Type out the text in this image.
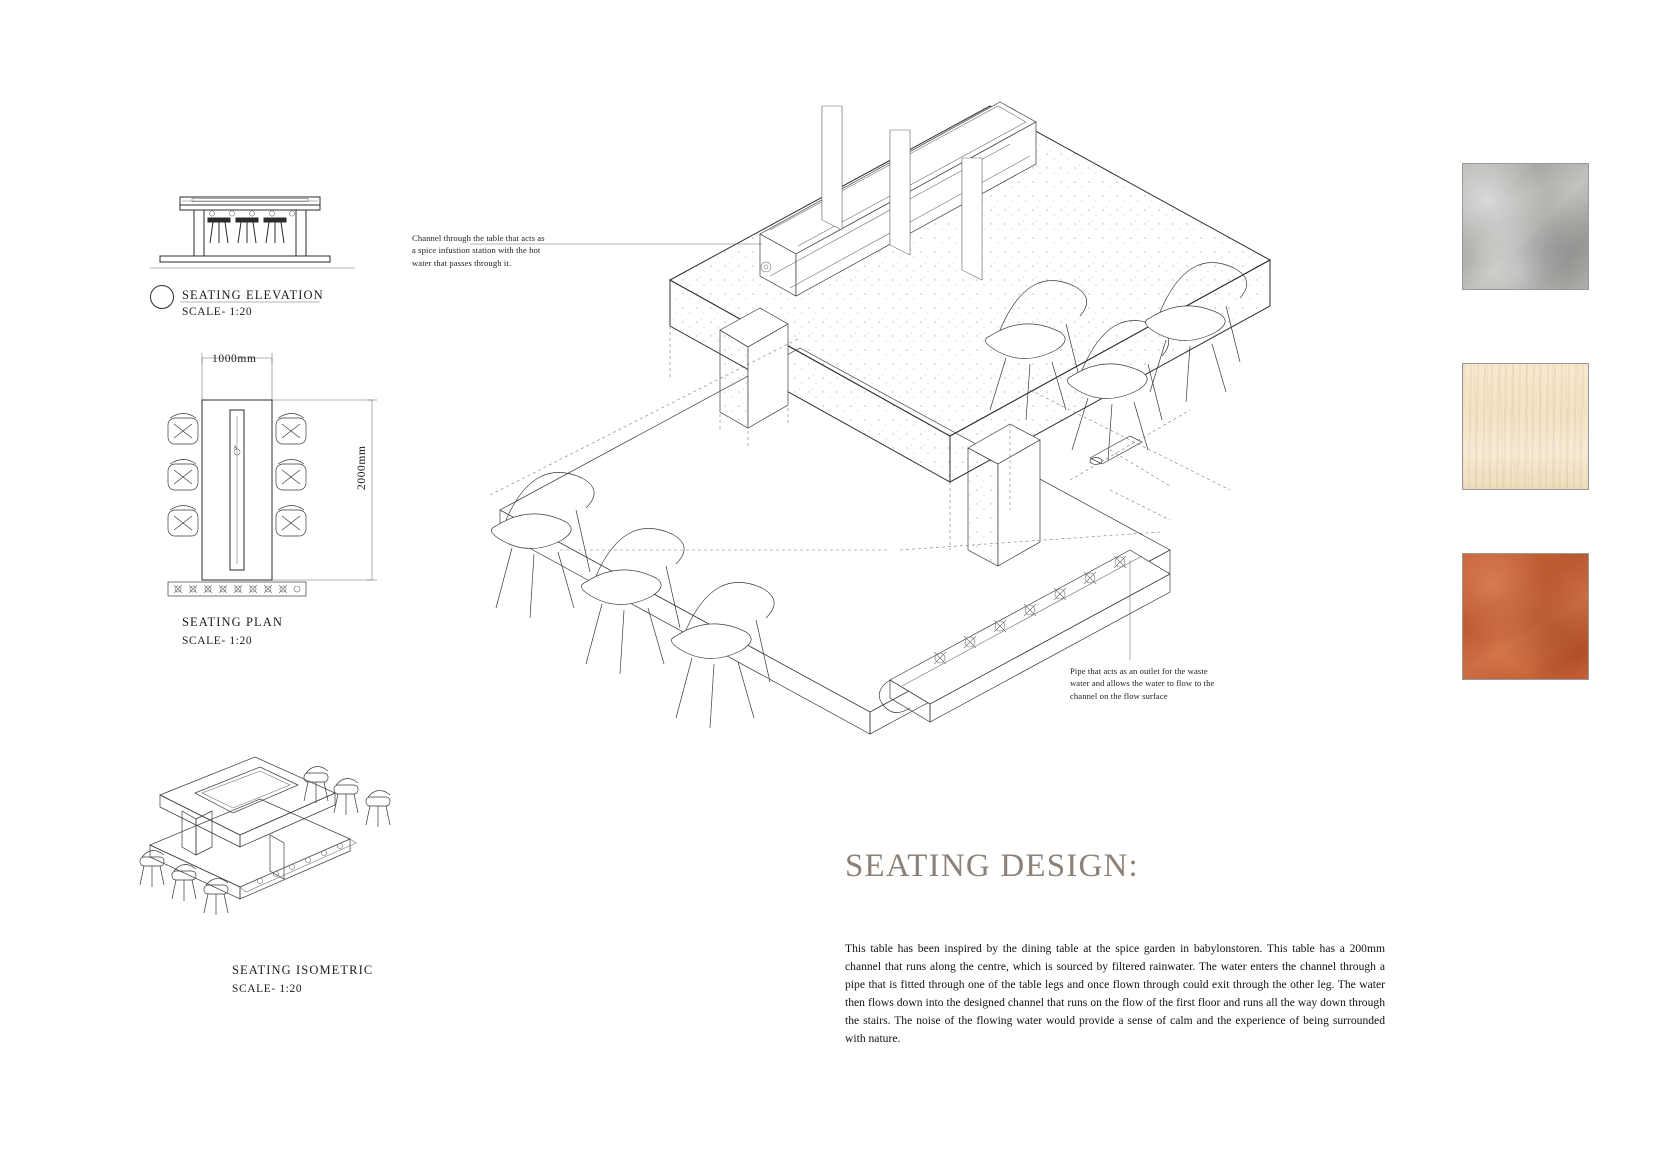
SEATING ELEVATION
SCALE- 1:20
A
1000mm
2000mm
SEATING PLAN
SCALE- 1:20
SEATING ISOMETRIC
SCALE- 1:20
Channel through the table that acts as a spice infustion station with the hot water that passes through it.
Pipe that acts as an outlet for the waste water and allows the water to flow to the channel on the flow surface
SEATING DESIGN:
This table has been inspired by the dining table at the spice garden in babylonstoren. This table has a 200mm channel that runs along the centre, which is sourced by filtered rainwater. The water enters the channel through a pipe that is fitted through one of the table legs and once flown through could exit through the other leg. The water then flows down into the designed channel that runs on the flow of the first floor and runs all the way down through the stairs. The noise of the flowing water would provide a sense of calm and the experience of being surrounded with nature.
